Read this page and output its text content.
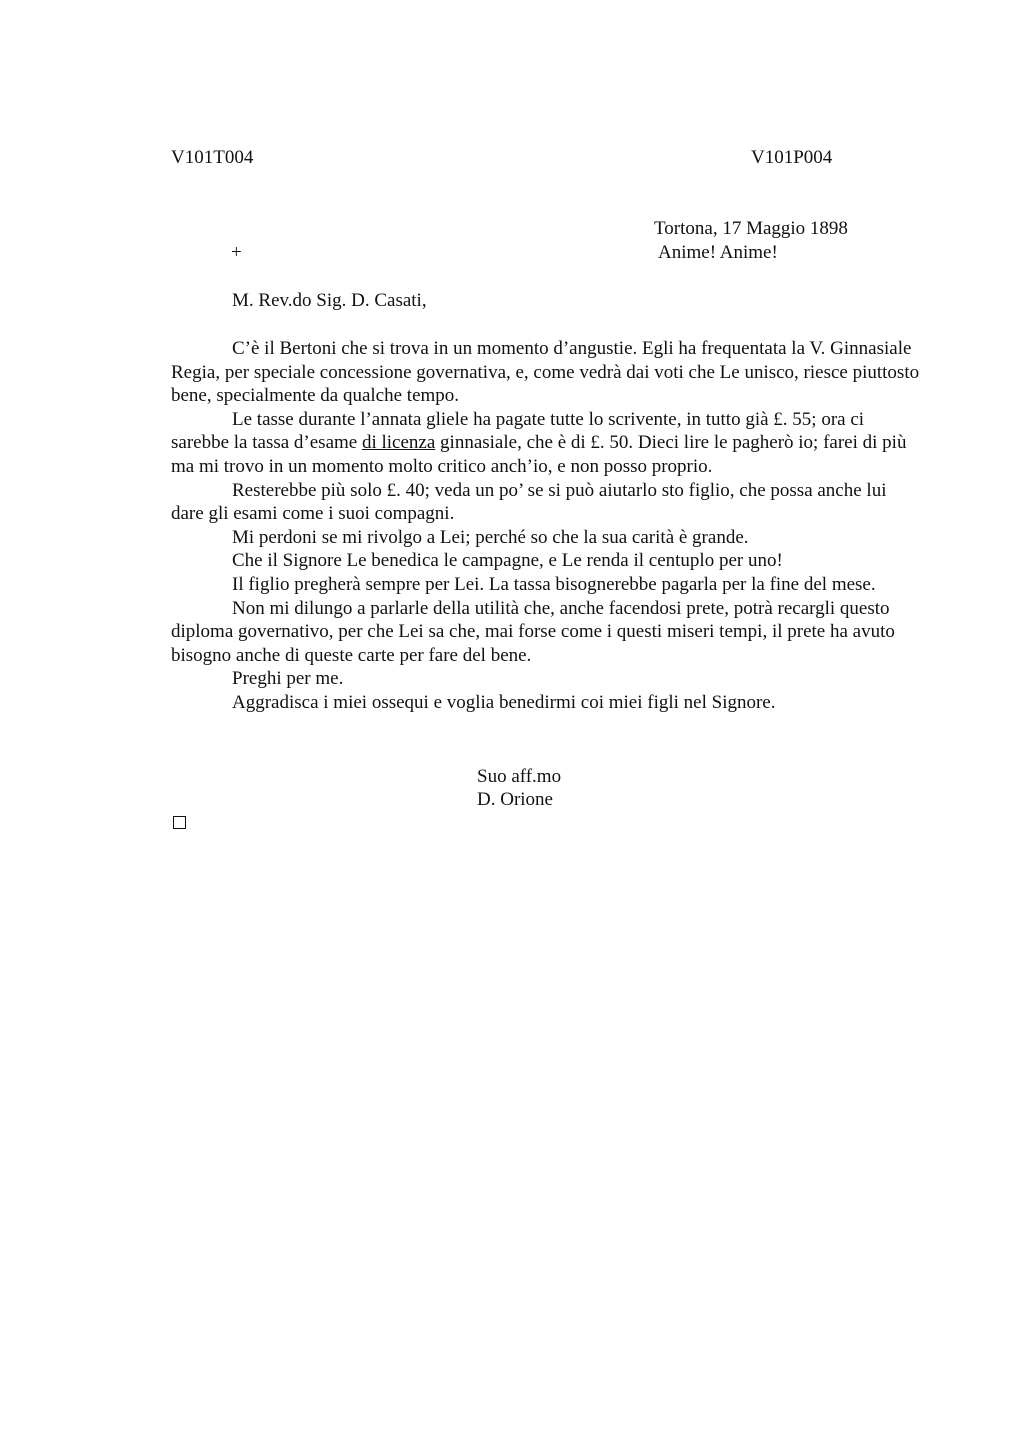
V101T004	V101P004
Tortona, 17 Maggio 1898
+	Anime! Anime!
M. Rev.do Sig. D. Casati,

C’è il Bertoni che si trova in un momento d’angustie. Egli ha frequentata la V. Ginnasiale Regia, per speciale concessione governativa, e, come vedrà dai voti che Le unisco, riesce piuttosto bene, specialmente da qualche tempo.

Le tasse durante l’annata gliele ha pagate tutte lo scrivente, in tutto già £. 55; ora ci sarebbe la tassa d’esame di licenza ginnasiale, che è di £. 50. Dieci lire le pagherò io; farei di più ma mi trovo in un momento molto critico anch’io, e non posso proprio.

Resterebbe più solo £. 40; veda un po’ se si può aiutarlo sto figlio, che possa anche lui dare gli esami come i suoi compagni.

Mi perdoni se mi rivolgo a Lei; perché so che la sua carità è grande.

Che il Signore Le benedica le campagne, e Le renda il centuplo per uno!

Il figlio pregherà sempre per Lei. La tassa bisognerebbe pagarla per la fine del mese.

Non mi dilungo a parlarle della utilità che, anche facendosi prete, potrà recargli questo diploma governativo, per che Lei sa che, mai forse come i questi miseri tempi, il prete ha avuto bisogno anche di queste carte per fare del bene.

Preghi per me.

Aggradisca i miei ossequi e voglia benedirmi coi miei figli nel Signore.

Suo aff.mo
D. Orione
